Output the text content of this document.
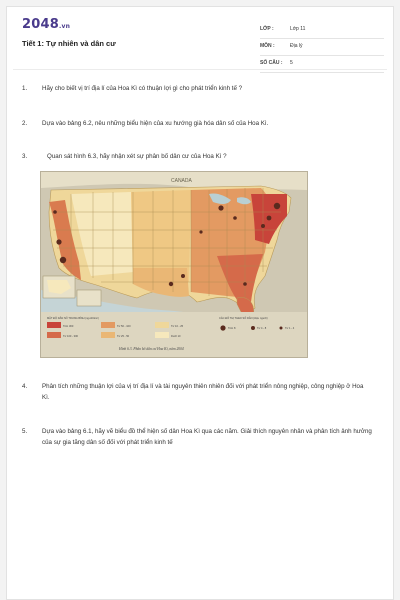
2048.vn
Tiết 1: Tự nhiên và dân cư
LỚP :	Lớp 11
MÔN :	Địa lý
SỐ CÂU : 5
1. Hãy cho biết vị trí địa lí của Hoa Kì có thuận lợi gì cho phát triển kinh tế ?
2. Dựa vào bảng 6.2, nêu những biểu hiện của xu hướng già hóa dân số của Hoa Kì.
3.	Quan sát hình 6.3, hãy nhận xét sự phân bố dân cư của Hoa Kì ?
CANADA
MẬT ĐỘ DÂN SỐ TRUNG BÌNH (người/km²)	CÁC ĐÔ THỊ THEO SỐ DÂN (triệu người)
Trên 300
Từ 100 - 300
Từ 50 - 100
Từ 25 - 50
Từ 10 - 25
Dưới 10
Trên 8	Từ 4 - 8	Từ 1 - 4
Hình 6.3. Phân bố dân cư Hoa Kì, năm 2004
4. Phân tích những thuận lợi của vị trí địa lí và tài nguyên thiên nhiên đối với phát triển nông nghiệp, công nghiệp ở Hoa Kì.
5. Dựa vào bảng 6.1, hãy vẽ biểu đồ thể hiện số dân Hoa Kì qua các năm. Giải thích nguyên nhân và phân tích ảnh hưởng của sự gia tăng dân số đối với phát triển kinh tế
